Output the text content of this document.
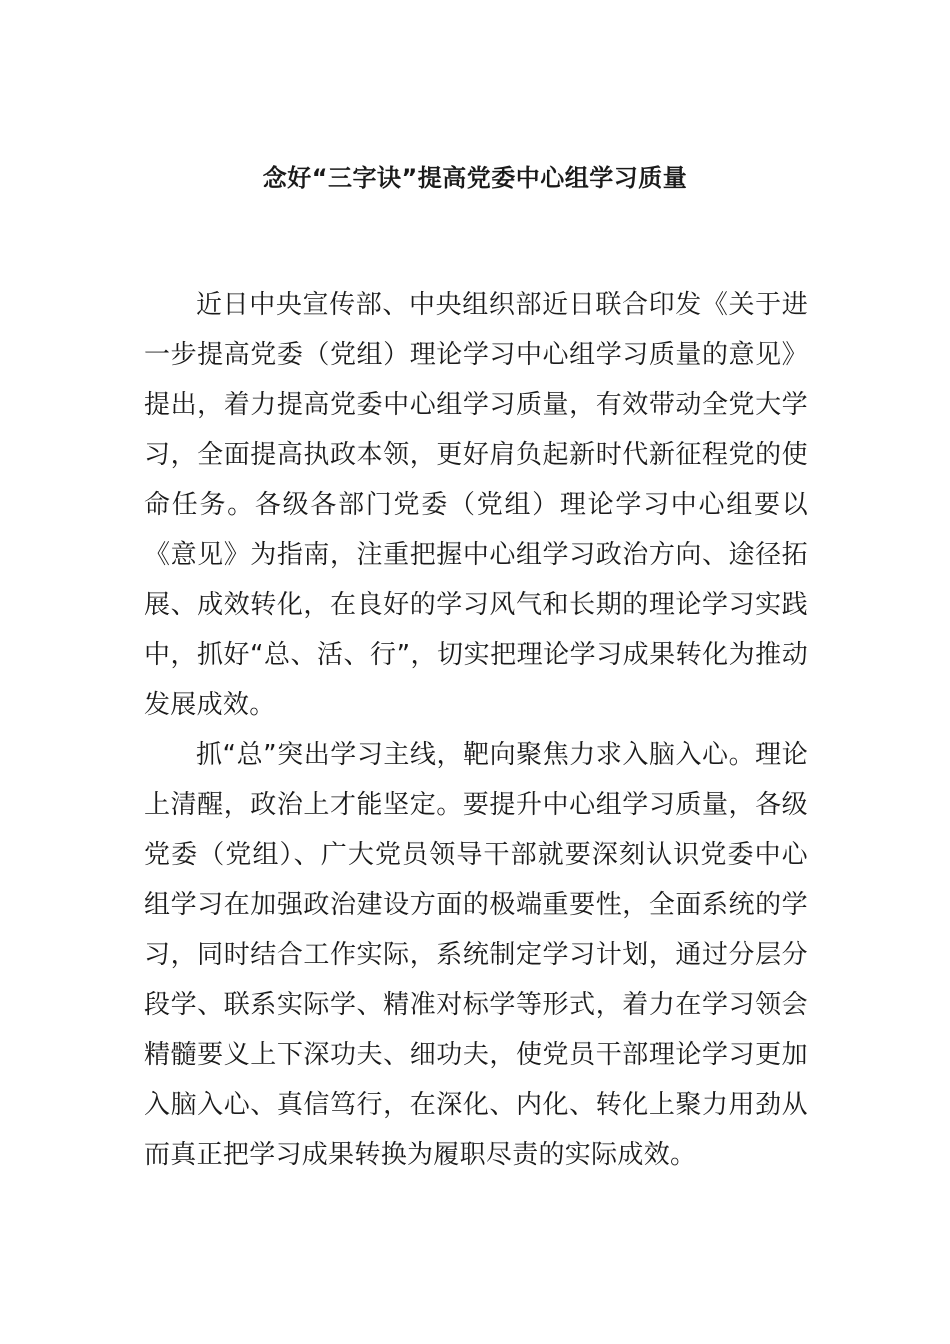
念好“三字诀”提高党委中心组学习质量

近日中央宣传部、中央组织部近日联合印发《关于进一步提高党委（党组）理论学习中心组学习质量的意见》提出，着力提高党委中心组学习质量，有效带动全党大学习，全面提高执政本领，更好肩负起新时代新征程党的使命任务。各级各部门党委（党组）理论学习中心组要以《意见》为指南，注重把握中心组学习政治方向、途径拓展、成效转化，在良好的学习风气和长期的理论学习实践中，抓好“总、活、行”，切实把理论学习成果转化为推动发展成效。

抓“总”突出学习主线，靶向聚焦力求入脑入心。理论上清醒，政治上才能坚定。要提升中心组学习质量，各级党委（党组）、广大党员领导干部就要深刻认识党委中心组学习在加强政治建设方面的极端重要性，全面系统的学习，同时结合工作实际，系统制定学习计划，通过分层分段学、联系实际学、精准对标学等形式，着力在学习领会精髓要义上下深功夫、细功夫，使党员干部理论学习更加入脑入心、真信笃行，在深化、内化、转化上聚力用劲从而真正把学习成果转换为履职尽责的实际成效。
